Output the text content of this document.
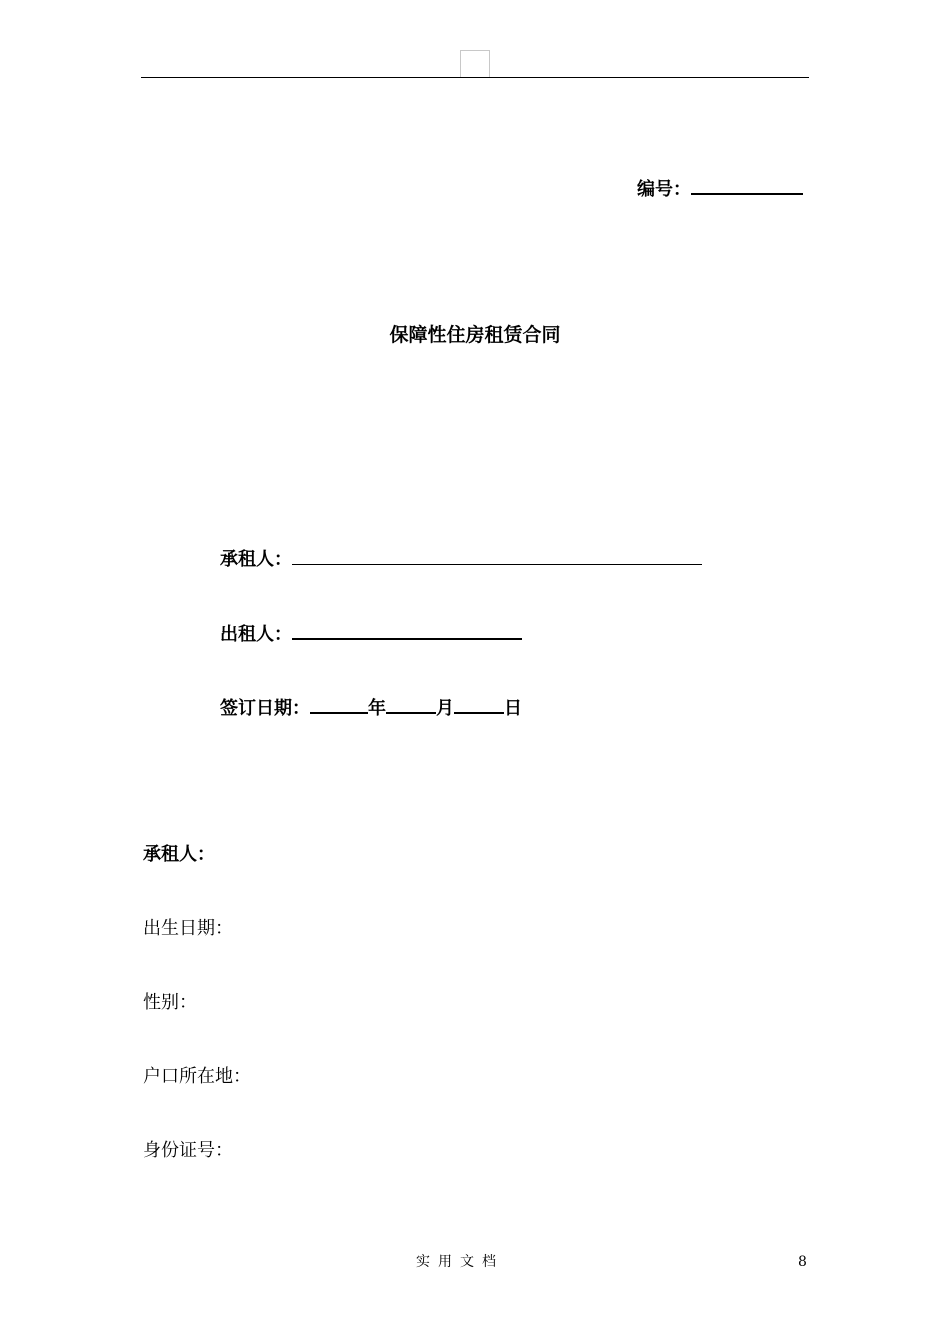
编号：
保障性住房租赁合同
承租人：
出租人：
签订日期：	年	月	日
承租人：
出生日期：
性别：
户口所在地：
身份证号：
实用文档	8
